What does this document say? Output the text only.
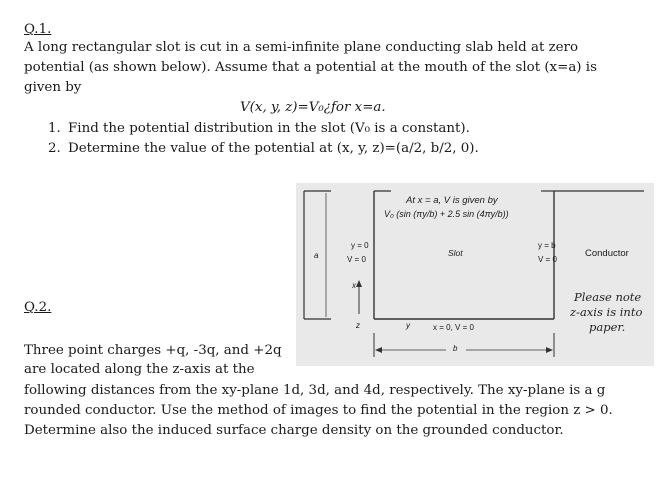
Q.1.
A long rectangular slot is cut in a semi-infinite plane conducting slab held at zero
potential (as shown below). Assume that a potential at the mouth of the slot (x=a) is
given by
V(x, y, z)=V₀¿for x=a.
1. Find the potential distribution in the slot (V₀ is a constant).
2. Determine the value of the potential at (x, y, z)=(a/2, b/2, 0).
At x = a, V is given by
V₀ (sin (πy/b) + 2.5 sin (4πy/b))
y = 0
V = 0
Slot
y = b
V = 0
Conductor
a
x
z	y	x = 0, V = 0
b
Please note
z-axis is into
paper.
Q.2.
Three point charges +q, -3q, and +2q
are located along the z-axis at the
following distances from the xy-plane 1d, 3d, and 4d, respectively. The xy-plane is a g
rounded conductor. Use the method of images to find the potential in the region z > 0.
Determine also the induced surface charge density on the grounded conductor.
